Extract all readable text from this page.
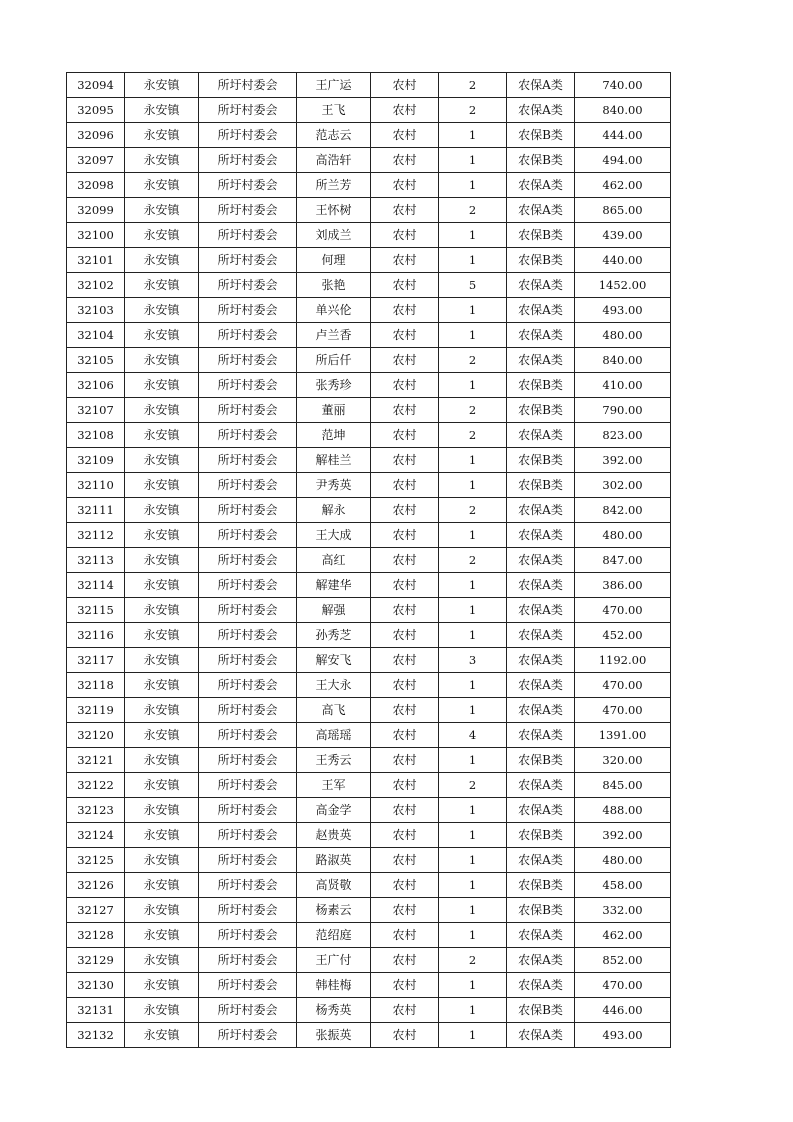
32094	永安镇	所圩村委会	王广运	农村	2	农保A类	740.00
32095	永安镇	所圩村委会	王飞	农村	2	农保A类	840.00
32096	永安镇	所圩村委会	范志云	农村	1	农保B类	444.00
32097	永安镇	所圩村委会	高浩轩	农村	1	农保B类	494.00
32098	永安镇	所圩村委会	所兰芳	农村	1	农保A类	462.00
32099	永安镇	所圩村委会	王怀树	农村	2	农保A类	865.00
32100	永安镇	所圩村委会	刘成兰	农村	1	农保B类	439.00
32101	永安镇	所圩村委会	何理	农村	1	农保B类	440.00
32102	永安镇	所圩村委会	张艳	农村	5	农保A类	1452.00
32103	永安镇	所圩村委会	单兴伦	农村	1	农保A类	493.00
32104	永安镇	所圩村委会	卢兰香	农村	1	农保A类	480.00
32105	永安镇	所圩村委会	所后仟	农村	2	农保A类	840.00
32106	永安镇	所圩村委会	张秀珍	农村	1	农保B类	410.00
32107	永安镇	所圩村委会	董丽	农村	2	农保B类	790.00
32108	永安镇	所圩村委会	范坤	农村	2	农保A类	823.00
32109	永安镇	所圩村委会	解桂兰	农村	1	农保B类	392.00
32110	永安镇	所圩村委会	尹秀英	农村	1	农保B类	302.00
32111	永安镇	所圩村委会	解永	农村	2	农保A类	842.00
32112	永安镇	所圩村委会	王大成	农村	1	农保A类	480.00
32113	永安镇	所圩村委会	高红	农村	2	农保A类	847.00
32114	永安镇	所圩村委会	解建华	农村	1	农保A类	386.00
32115	永安镇	所圩村委会	解强	农村	1	农保A类	470.00
32116	永安镇	所圩村委会	孙秀芝	农村	1	农保A类	452.00
32117	永安镇	所圩村委会	解安飞	农村	3	农保A类	1192.00
32118	永安镇	所圩村委会	王大永	农村	1	农保A类	470.00
32119	永安镇	所圩村委会	高飞	农村	1	农保A类	470.00
32120	永安镇	所圩村委会	高瑶瑶	农村	4	农保A类	1391.00
32121	永安镇	所圩村委会	王秀云	农村	1	农保B类	320.00
32122	永安镇	所圩村委会	王军	农村	2	农保A类	845.00
32123	永安镇	所圩村委会	高金学	农村	1	农保A类	488.00
32124	永安镇	所圩村委会	赵贵英	农村	1	农保B类	392.00
32125	永安镇	所圩村委会	路淑英	农村	1	农保A类	480.00
32126	永安镇	所圩村委会	高贤敬	农村	1	农保B类	458.00
32127	永安镇	所圩村委会	杨素云	农村	1	农保B类	332.00
32128	永安镇	所圩村委会	范绍庭	农村	1	农保A类	462.00
32129	永安镇	所圩村委会	王广付	农村	2	农保A类	852.00
32130	永安镇	所圩村委会	韩桂梅	农村	1	农保A类	470.00
32131	永安镇	所圩村委会	杨秀英	农村	1	农保B类	446.00
32132	永安镇	所圩村委会	张振英	农村	1	农保A类	493.00
